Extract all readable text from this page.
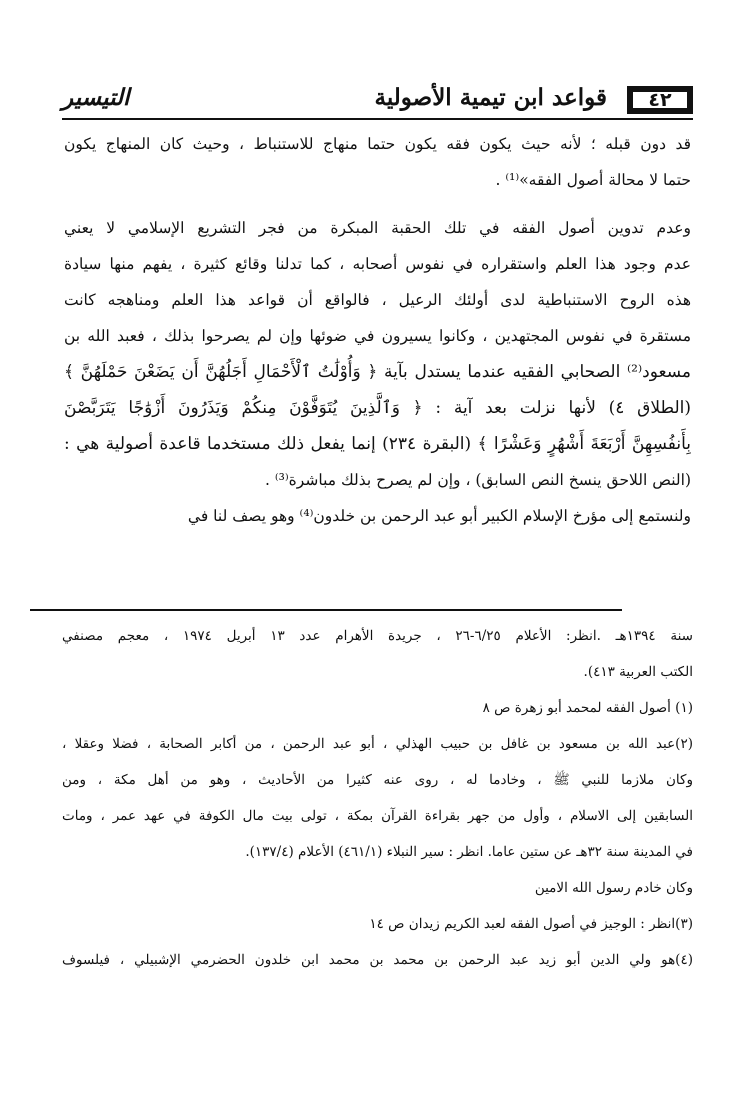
٤٢
قواعد ابن تيمية الأصولية
التيسير
قد دون قبله ؛ لأنه حيث يكون فقه يكون حتما منهاج للاستنباط ، وحيث كان المنهاج يكون
حتما لا محالة أصول الفقه»⁽¹⁾ .
وعدم تدوين أصول الفقه في تلك الحقبة المبكرة من فجر التشريع الإسلامي لا يعني
عدم وجود هذا العلم واستقراره في نفوس أصحابه ، كما تدلنا وقائع كثيرة ، يفهم منها سيادة
هذه الروح الاستنباطية لدى أولئك الرعيل ، فالواقع أن قواعد هذا العلم ومناهجه كانت
مستقرة في نفوس المجتهدين ، وكانوا يسيرون في ضوئها وإن لم يصرحوا بذلك ، فعبد الله بن
مسعود⁽²⁾ الصحابي الفقيه عندما يستدل بآية ﴿ وَأُوْلَٰتُ ٱلْأَحْمَالِ أَجَلُهُنَّ أَن يَضَعْنَ حَمْلَهُنَّ ﴾
(الطلاق ٤) لأنها نزلت بعد آية : ﴿ وَٱلَّذِينَ يُتَوَفَّوْنَ مِنكُمْ وَيَذَرُونَ أَزْوَٰجًا يَتَرَبَّصْنَ
بِأَنفُسِهِنَّ أَرْبَعَةَ أَشْهُرٍ وَعَشْرًا ﴾ (البقرة ٢٣٤) إنما يفعل ذلك مستخدما قاعدة أصولية هي :
(النص اللاحق ينسخ النص السابق) ، وإن لم يصرح بذلك مباشرة⁽³⁾ .
ولنستمع إلى مؤرخ الإسلام الكبير أبو عبد الرحمن بن خلدون⁽⁴⁾ وهو يصف لنا في
سنة ١٣٩٤هـ .انظر: الأعلام ٦/٢٥-٢٦ ، جريدة الأهرام عدد ١٣ أبريل ١٩٧٤ ، معجم مصنفي
الكتب العربية ٤١٣).
(١) أصول الفقه لمحمد أبو زهرة ص ٨
(٢)عبد الله بن مسعود بن غافل بن حبيب الهذلي ، أبو عبد الرحمن ، من أكابر الصحابة ، فضلا وعقلا ،
وكان ملازما للنبي ﷺ ، وخادما له ، روى عنه كثيرا من الأحاديث ، وهو من أهل مكة ، ومن
السابقين إلى الاسلام ، وأول من جهر بقراءة القرآن بمكة ، تولى بيت مال الكوفة في عهد عمر ، ومات
في المدينة سنة ٣٢هـ عن ستين عاما. انظر : سير النبلاء (٤٦١/١) الأعلام (١٣٧/٤).
وكان خادم رسول الله الامين
(٣)انظر : الوجيز في أصول الفقه لعبد الكريم زيدان ص ١٤
(٤)هو ولي الدين أبو زيد عبد الرحمن بن محمد بن محمد ابن خلدون الحضرمي الإشبيلي ، فيلسوف
